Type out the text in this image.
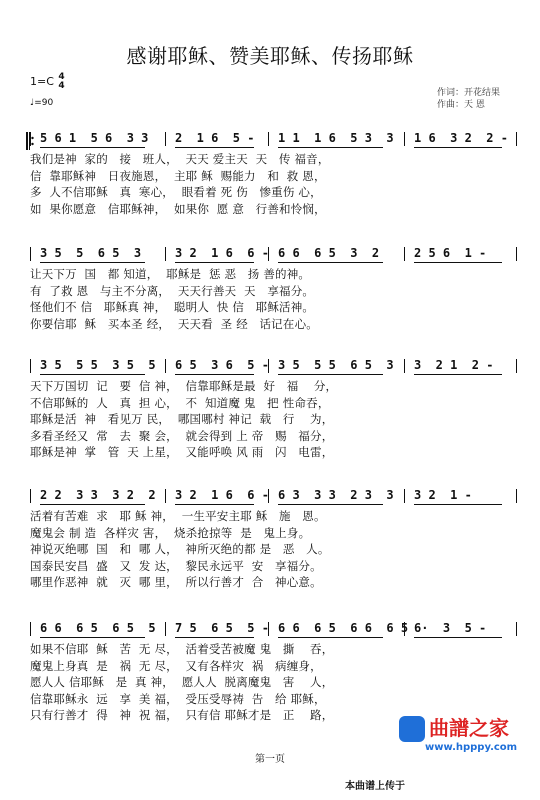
感谢耶稣、赞美耶稣、传扬耶稣
1=C 4
4
♩=90
作词：开花结果
作曲：天 恩
5 6 1  5 6  3 3 2  1 6  5 - 1 1  1 6  5 3  3 1 6  3 2  2 -
我们是神  家的   接   班人，  天天 爱主天  天   传 福音，
信  靠耶稣神   日夜施恩，  主耶 稣  赐能力   和  救 恩，
多  人不信耶稣   真  寒心，  眼看着 死 伤   惨重伤 心，
如  果你愿意   信耶稣神，  如果你  愿 意   行善和怜悯，
3 5  5  6 5  3	3 2  1 6  6 - 6 6  6 5  3  2	2 5 6  1 -
让天下万  国   都 知道，  耶稣是  惩 恶   扬 善的神。
有  了救 恩   与主不分离，  天天行善天  天   享福分。
怪他们不 信   耶稣真 神，  聪明人  快 信   耶稣活神。
你要信耶  稣   买本圣 经，  天天看  圣 经   话记在心。
3 5  5 5  3 5  5 6 5  3 6  5 - 3 5  5 5  6 5  3 3  2 1  2 -
天下万国切  记   要  信 神，  信靠耶稣是最  好   福    分，
不信耶稣的  人   真  担 心，  不  知道魔 鬼   把 性命吞，
耶稣是活  神   看见万 民，  哪国哪村 神记  载   行    为，
多看圣经又  常   去  聚 会，  就会得到 上 帝   赐   福分，
耶稣是神  掌   管  天 上星，  又能呼唤 风 雨   闪   电雷，
2 2  3 3  3 2  2 3 2  1 6  6 - 6 3  3 3  2 3  3 3 2  1 -
活着有苦难  求   耶 稣 神，  一生平安主耶 稣   施   恩。
魔鬼会 制 造  各样灾 害，  烧杀抢掠等  是   鬼上身。
神说灭绝哪  国   和  哪 人，  神所灭绝的都 是   恶   人。
国泰民安昌  盛   又  发 达，  黎民永远平  安   享福分。
哪里作恶神  就   灭  哪 里，  所以行善才  合   神心意。
6 6  6 5  6 5  5 7 5  6 5  5 - 6 6  6 5  6 6  6 5 6·  3  5 -
如果不信耶  稣   苦  无 尽，  活着受苦被魔 鬼   撕    吞，
魔鬼上身真  是   祸  无 尽，  又有各样灾  祸   病缠身，
愿人人 信耶稣   是  真 神，  愿人人  脱离魔鬼   害    人，
信靠耶稣永  远   享  美 福，  受压受辱祷  告   给 耶稣，
只有行善才  得   神  祝 福，  只有信 耶稣才是   正    路，
第一页
曲譜之家
www.hpppy.com
本曲谱上传于
